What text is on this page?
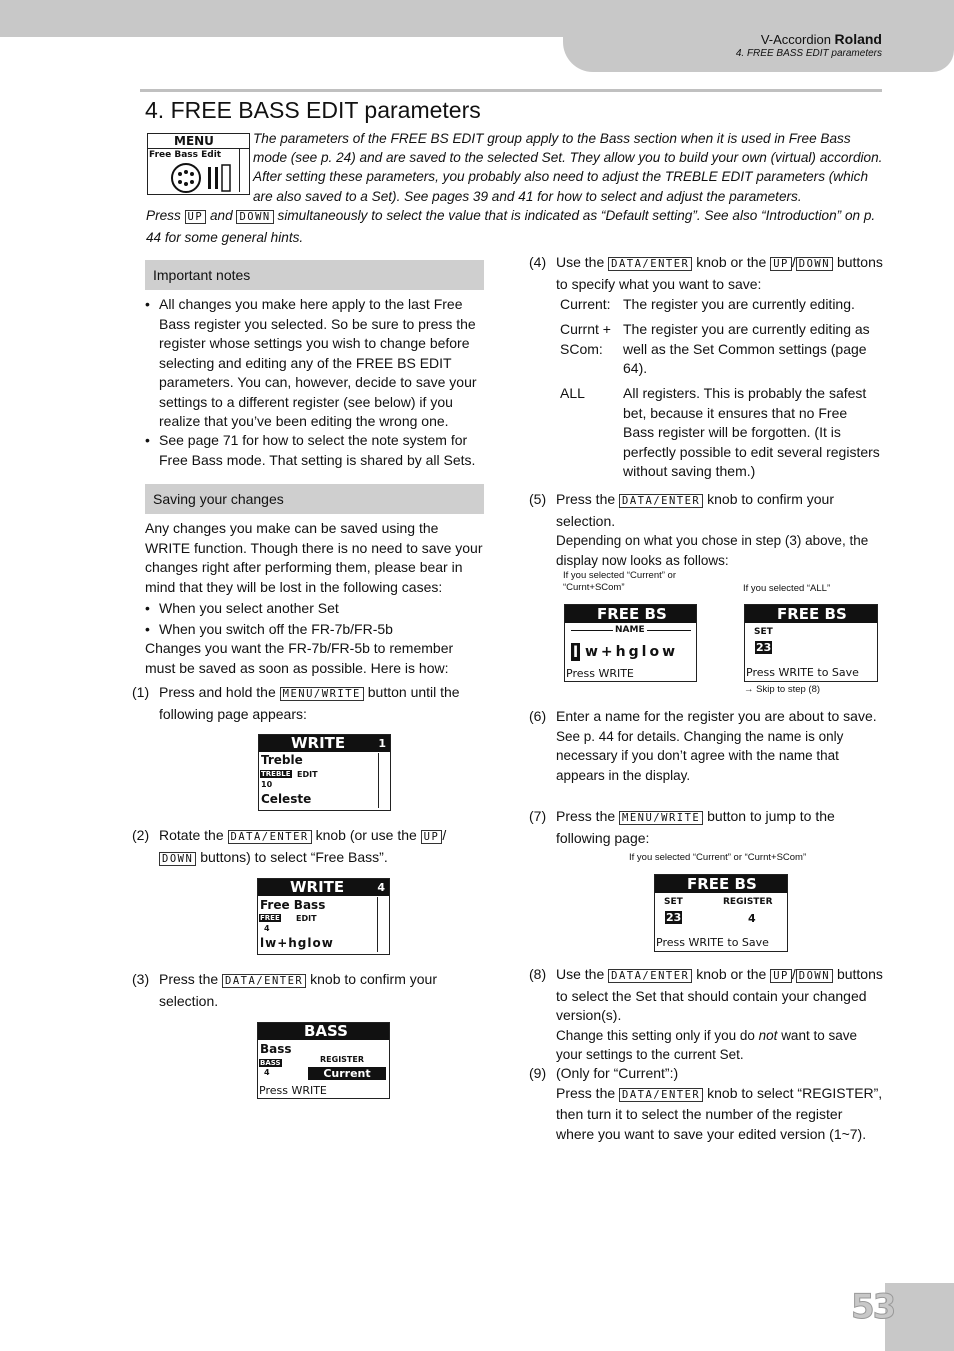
V-Accordion Roland
4. FREE BASS EDIT parameters
4. FREE BASS EDIT parameters
MENU
Free Bass Edit
The parameters of the FREE BS EDIT group apply to the Bass section when it is used in Free Bass mode (see p. 24) and are saved to the selected Set. They allow you to build your own (virtual) accordion. After setting these parameters, you probably also need to adjust the TREBLE EDIT parameters (which are also saved to a Set). See pages 39 and 41 for how to select and adjust the parameters.
Press UP and DOWN simultaneously to select the value that is indicated as “Default setting”. See also “Introduction” on p. 44 for some general hints.
Important notes
• All changes you make here apply to the last Free Bass register you selected. So be sure to press the register whose settings you wish to change before selecting and editing any of the FREE BS EDIT parameters. You can, however, decide to save your settings to a different register (see below) if you realize that you’ve been editing the wrong one.
• See page 71 for how to select the note system for Free Bass mode. That setting is shared by all Sets.
Saving your changes
Any changes you make can be saved using the WRITE function. Though there is no need to save your changes right after performing them, please bear in mind that they will be lost in the following cases:
• When you select another Set
• When you switch off the FR-7b/FR-5b
Changes you want the FR-7b/FR-5b to remember must be saved as soon as possible. Here is how:
(1) Press and hold the MENU/WRITE button until the following page appears:
WRITE	1
Treble
TREBLE EDIT
10
Celeste
(2) Rotate the DATA/ENTER knob (or use the UP / DOWN buttons) to select “Free Bass”.
WRITE	4
Free Bass
FREE EDIT
4
lw+hglow
(3) Press the DATA/ENTER knob to confirm your selection.
BASS
Bass
BASS
4
REGISTER
Current
Press WRITE
(4) Use the DATA/ENTER knob or the UP / DOWN buttons to specify what you want to save:
Current: The register you are currently editing.
Currnt + SCom:
The register you are currently editing as well as the Set Common settings (page 64).
ALL	All registers. This is probably the safest bet, because it ensures that no Free Bass register will be forgotten. (It is perfectly possible to edit several registers without saving them.)
(5) Press the DATA/ENTER knob to confirm your selection.
Depending on what you chose in step (3) above, the display now looks as follows:
If you selected “Current” or “Curnt+SCom”	If you selected “ALL”
FREE BS
NAME
l w+hglow
Press WRITE
FREE BS
SET
23
Press WRITE to Save
→ Skip to step (8)
(6) Enter a name for the register you are about to save.
See p. 44 for details. Changing the name is only necessary if you don’t agree with the name that appears in the display.
(7) Press the MENU/WRITE button to jump to the following page:
If you selected “Current” or “Curnt+SCom”
FREE BS
SET	REGISTER
23	4
Press WRITE to Save
(8) Use the DATA/ENTER knob or the UP / DOWN buttons to select the Set that should contain your changed version(s).
Change this setting only if you do not want to save your settings to the current Set.
(9) (Only for “Current”:)
Press the DATA/ENTER knob to select “REGISTER”, then turn it to select the number of the register where you want to save your edited version (1~7).
53
